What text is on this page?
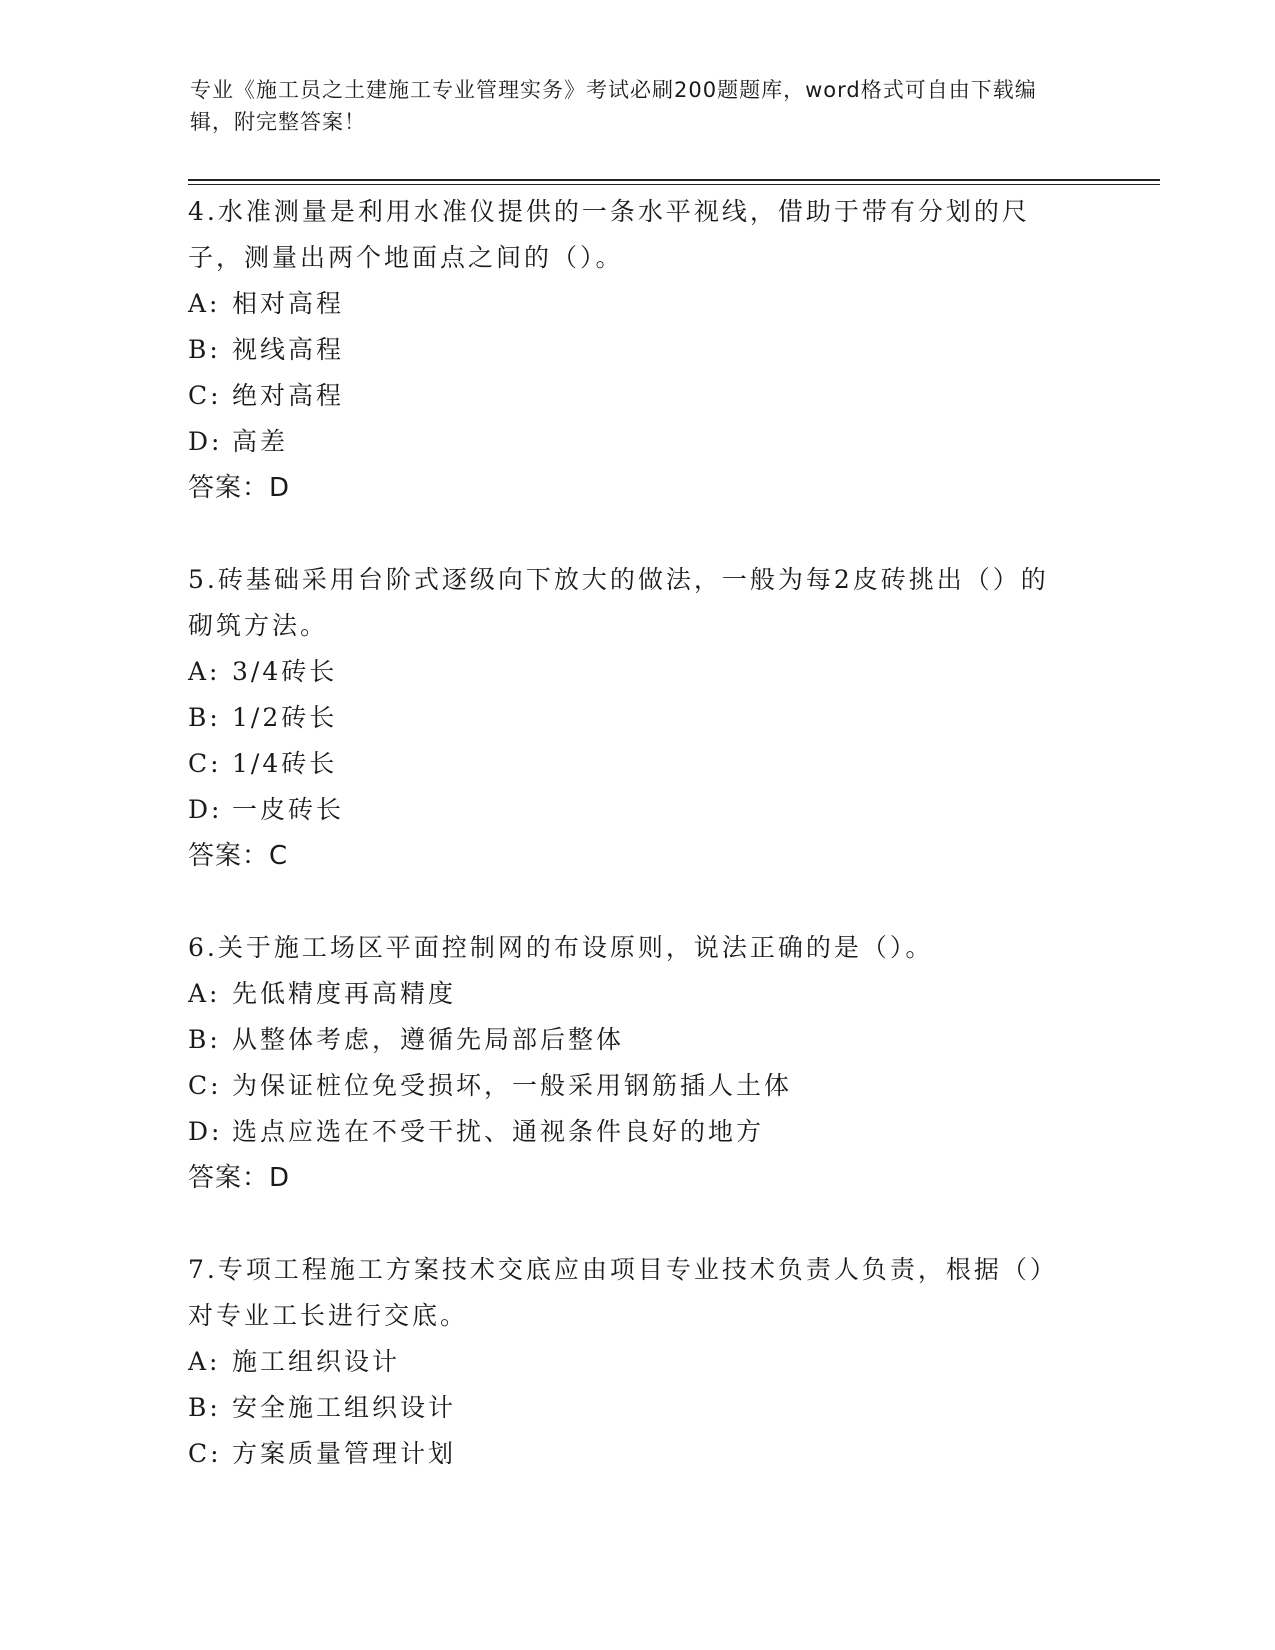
专业《施工员之土建施工专业管理实务》考试必刷200题题库，word格式可自由下载编辑，附完整答案！
4.水准测量是利用水准仪提供的一条水平视线，借助于带有分划的尺子，测量出两个地面点之间的（）。
A: 相对高程
B: 视线高程
C: 绝对高程
D: 高差
答案：D
5.砖基础采用台阶式逐级向下放大的做法，一般为每2皮砖挑出（）的砌筑方法。
A: 3/4砖长
B: 1/2砖长
C: 1/4砖长
D: 一皮砖长
答案：C
6.关于施工场区平面控制网的布设原则，说法正确的是（）。
A: 先低精度再高精度
B: 从整体考虑，遵循先局部后整体
C: 为保证桩位免受损坏，一般采用钢筋插人土体
D: 选点应选在不受干扰、通视条件良好的地方
答案：D
7.专项工程施工方案技术交底应由项目专业技术负责人负责，根据（）对专业工长进行交底。
A: 施工组织设计
B: 安全施工组织设计
C: 方案质量管理计划
